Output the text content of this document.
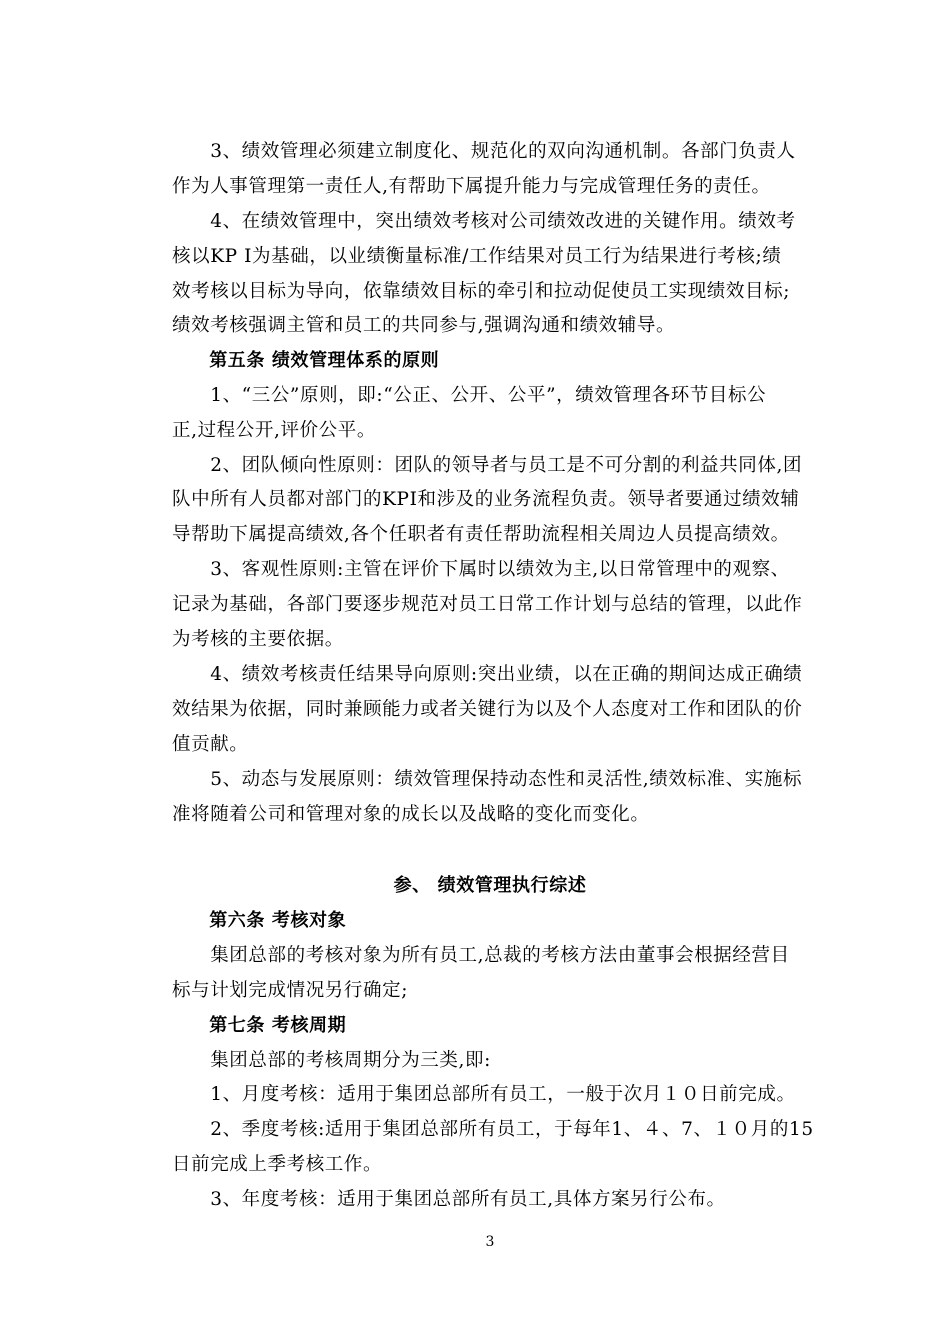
　　3、绩效管理必须建立制度化、规范化的双向沟通机制。各部门负责人
作为人事管理第一责任人,有帮助下属提升能力与完成管理任务的责任。
　　4、在绩效管理中，突出绩效考核对公司绩效改进的关键作用。绩效考
核以KP I为基础，以业绩衡量标准/工作结果对员工行为结果进行考核;绩
效考核以目标为导向，依靠绩效目标的牵引和拉动促使员工实现绩效目标;
绩效考核强调主管和员工的共同参与,强调沟通和绩效辅导。
　　第五条 绩效管理体系的原则
　　1、“三公”原则，即:“公正、公开、公平”，绩效管理各环节目标公
正,过程公开,评价公平。
　　2、团队倾向性原则：团队的领导者与员工是不可分割的利益共同体,团
队中所有人员都对部门的KPI和涉及的业务流程负责。领导者要通过绩效辅
导帮助下属提高绩效,各个任职者有责任帮助流程相关周边人员提高绩效。
　　3、客观性原则:主管在评价下属时以绩效为主,以日常管理中的观察、
记录为基础，各部门要逐步规范对员工日常工作计划与总结的管理，以此作
为考核的主要依据。
　　4、绩效考核责任结果导向原则:突出业绩，以在正确的期间达成正确绩
效结果为依据，同时兼顾能力或者关键行为以及个人态度对工作和团队的价
值贡献。
　　5、动态与发展原则：绩效管理保持动态性和灵活性,绩效标准、实施标
准将随着公司和管理对象的成长以及战略的变化而变化。
参、 绩效管理执行综述
　　第六条 考核对象
　　集团总部的考核对象为所有员工,总裁的考核方法由董事会根据经营目
标与计划完成情况另行确定;
　　第七条 考核周期
　　集团总部的考核周期分为三类,即:
　　1、月度考核：适用于集团总部所有员工，一般于次月１０日前完成。
　　2、季度考核:适用于集团总部所有员工，于每年1、４、7、１０月的15
日前完成上季考核工作。
　　3、年度考核：适用于集团总部所有员工,具体方案另行公布。
3
